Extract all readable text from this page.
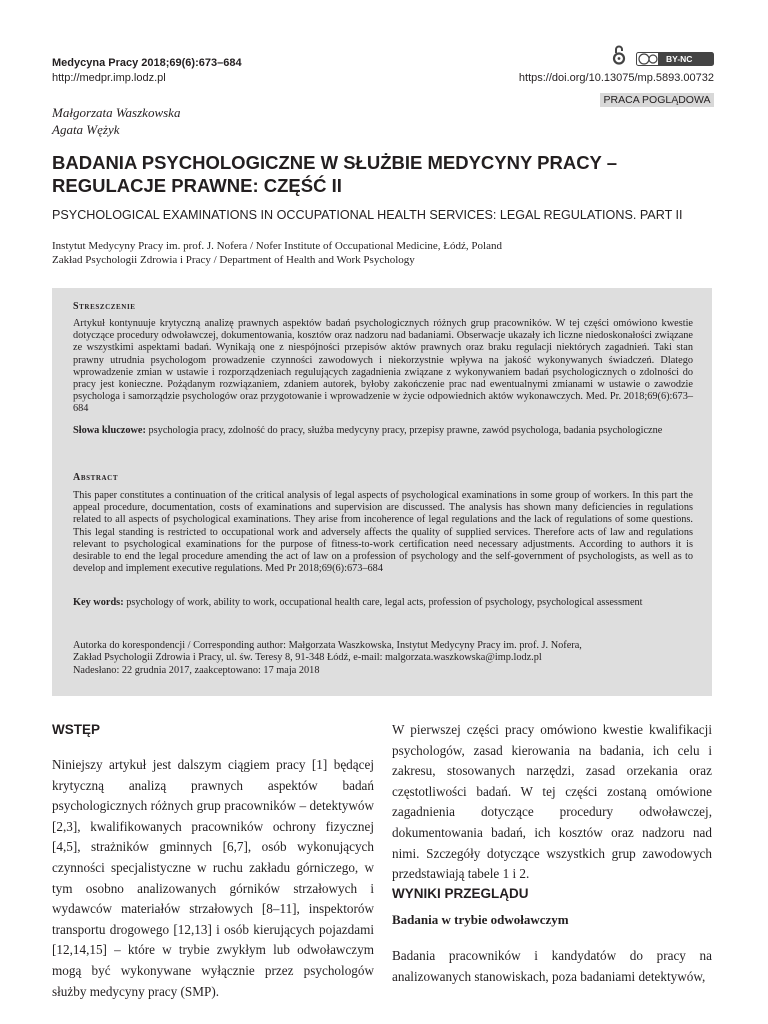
Medycyna Pracy 2018;69(6):673–684
http://medpr.imp.lodz.pl
BY-NC
https://doi.org/10.13075/mp.5893.00732
PRACA POGLĄDOWA
Małgorzata Waszkowska
Agata Wężyk
BADANIA PSYCHOLOGICZNE W SŁUŻBIE MEDYCYNY PRACY – REGULACJE PRAWNE: CZĘŚĆ II
PSYCHOLOGICAL EXAMINATIONS IN OCCUPATIONAL HEALTH SERVICES: LEGAL REGULATIONS. PART II
Instytut Medycyny Pracy im. prof. J. Nofera / Nofer Institute of Occupational Medicine, Łódź, Poland
Zakład Psychologii Zdrowia i Pracy / Department of Health and Work Psychology
Streszczenie
Artykuł kontynuuje krytyczną analizę prawnych aspektów badań psychologicznych różnych grup pracowników. W tej części omówiono kwestie dotyczące procedury odwoławczej, dokumentowania, kosztów oraz nadzoru nad badaniami. Obserwacje ukazały ich liczne niedoskonałości związane ze wszystkimi aspektami badań. Wynikają one z niespójności przepisów aktów prawnych oraz braku regulacji niektórych zagadnień. Taki stan prawny utrudnia psychologom prowadzenie czynności zawodowych i niekorzystnie wpływa na jakość wykonywanych świadczeń. Dlatego wprowadzenie zmian w ustawie i rozporządzeniach regulujących zagadnienia związane z wykonywaniem badań psychologicznych o zdolności do pracy jest konieczne. Pożądanym rozwiązaniem, zdaniem autorek, byłoby zakończenie prac nad ewentualnymi zmianami w ustawie o zawodzie psychologa i samorządzie psychologów oraz przygotowanie i wprowadzenie w życie odpowiednich aktów wykonawczych. Med. Pr. 2018;69(6):673–684
Słowa kluczowe: psychologia pracy, zdolność do pracy, służba medycyny pracy, przepisy prawne, zawód psychologa, badania psychologiczne
Abstract
This paper constitutes a continuation of the critical analysis of legal aspects of psychological examinations in some group of workers. In this part the appeal procedure, documentation, costs of examinations and supervision are discussed. The analysis has shown many deficiencies in regulations related to all aspects of psychological examinations. They arise from incoherence of legal regulations and the lack of regulations of some questions. This legal standing is restricted to occupational work and adversely affects the quality of supplied services. Therefore acts of law and regulations relevant to psychological examinations for the purpose of fitness-to-work certification need necessary adjustments. According to authors it is desirable to end the legal procedure amending the act of law on a profession of psychology and the self-government of psychologists, as well as to develop and implement executive regulations. Med Pr 2018;69(6):673–684
Key words: psychology of work, ability to work, occupational health care, legal acts, profession of psychology, psychological assessment
Autorka do korespondencji / Corresponding author: Małgorzata Waszkowska, Instytut Medycyny Pracy im. prof. J. Nofera,
Zakład Psychologii Zdrowia i Pracy, ul. św. Teresy 8, 91-348 Łódź, e-mail: malgorzata.waszkowska@imp.lodz.pl
Nadesłano: 22 grudnia 2017, zaakceptowano: 17 maja 2018
WSTĘP
Niniejszy artykuł jest dalszym ciągiem pracy [1] będącej krytyczną analizą prawnych aspektów badań psychologicznych różnych grup pracowników – detektywów [2,3], kwalifikowanych pracowników ochrony fizycznej [4,5], strażników gminnych [6,7], osób wykonujących czynności specjalistyczne w ruchu zakładu górniczego, w tym osobno analizowanych górników strzałowych i wydawców materiałów strzałowych [8–11], inspektorów transportu drogowego [12,13] i osób kierujących pojazdami [12,14,15] – które w trybie zwykłym lub odwoławczym mogą być wykonywane wyłącznie przez psychologów służby medycyny pracy (SMP).
W pierwszej części pracy omówiono kwestie kwalifikacji psychologów, zasad kierowania na badania, ich celu i zakresu, stosowanych narzędzi, zasad orzekania oraz częstotliwości badań. W tej części zostaną omówione zagadnienia dotyczące procedury odwoławczej, dokumentowania badań, ich kosztów oraz nadzoru nad nimi. Szczegóły dotyczące wszystkich grup zawodowych przedstawiają tabele 1 i 2.
WYNIKI PRZEGLĄDU
Badania w trybie odwoławczym
Badania pracowników i kandydatów do pracy na analizowanych stanowiskach, poza badaniami detektywów,
